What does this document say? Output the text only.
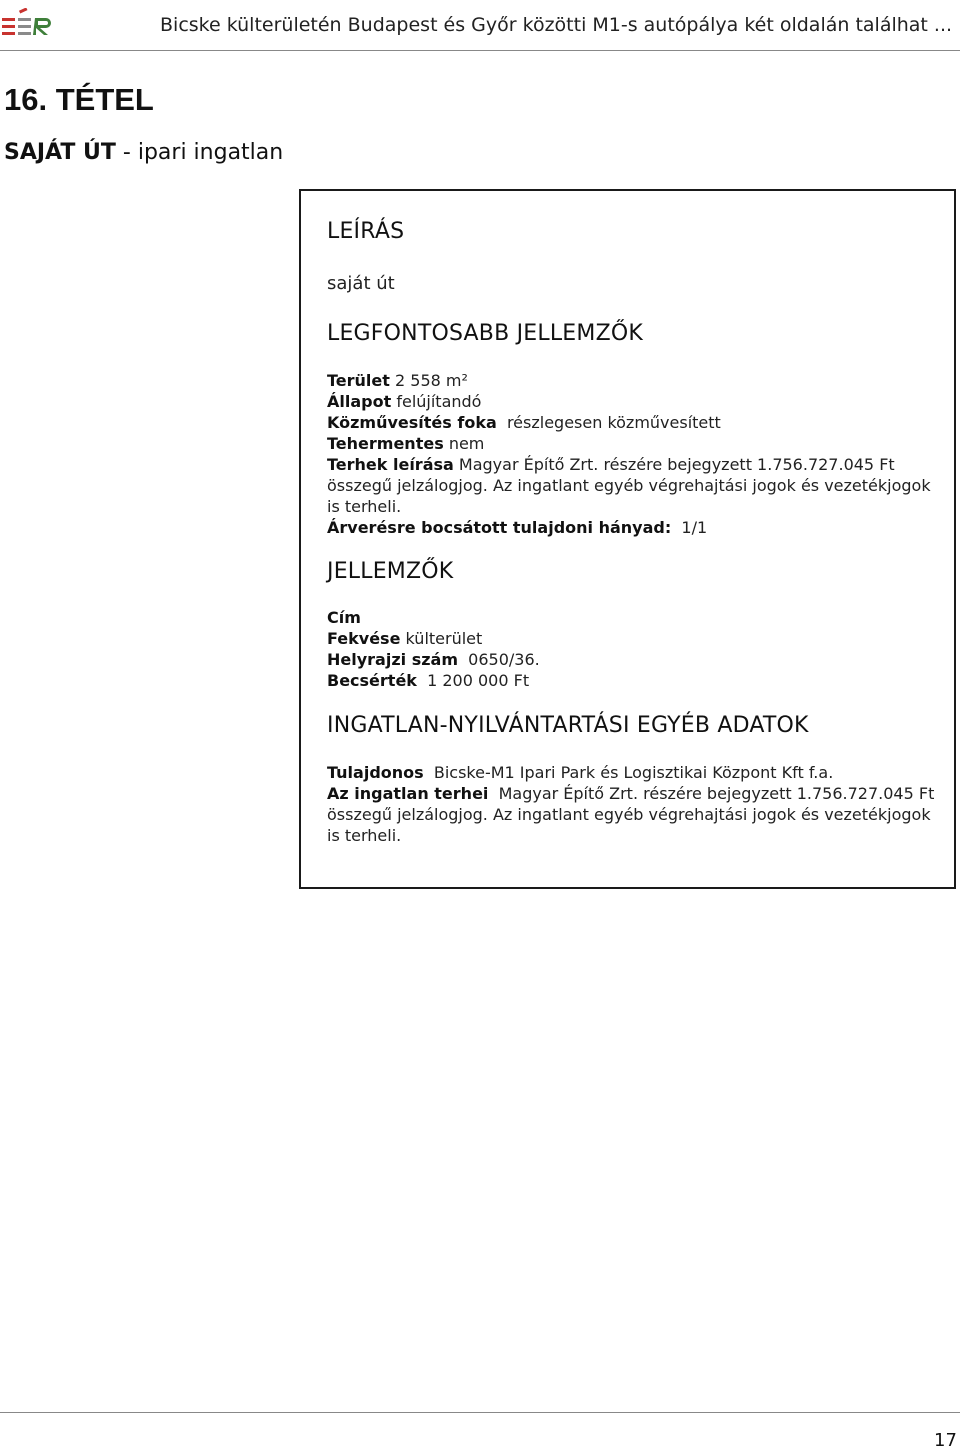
Bicske külterületén Budapest és Győr közötti M1-s autópálya két oldalán találhat ...
16. TÉTEL
SAJÁT ÚT - ipari ingatlan
LEÍRÁS
saját út
LEGFONTOSABB JELLEMZŐK
Terület 2 558 m²
Állapot felújítandó
Közművesítés foka részlegesen közművesített
Tehermentes nem
Terhek leírása Magyar Építő Zrt. részére bejegyzett 1.756.727.045 Ft összegű jelzálogjog. Az ingatlant egyéb végrehajtási jogok és vezetékjogok is terheli.
Árverésre bocsátott tulajdoni hányad: 1/1
JELLEMZŐK
Cím
Fekvése külterület
Helyrajzi szám 0650/36.
Becsérték 1 200 000 Ft
INGATLAN-NYILVÁNTARTÁSI EGYÉB ADATOK
Tulajdonos Bicske-M1 Ipari Park és Logisztikai Központ Kft f.a.
Az ingatlan terhei Magyar Építő Zrt. részére bejegyzett 1.756.727.045 Ft összegű jelzálogjog. Az ingatlant egyéb végrehajtási jogok és vezetékjogok is terheli.
17
